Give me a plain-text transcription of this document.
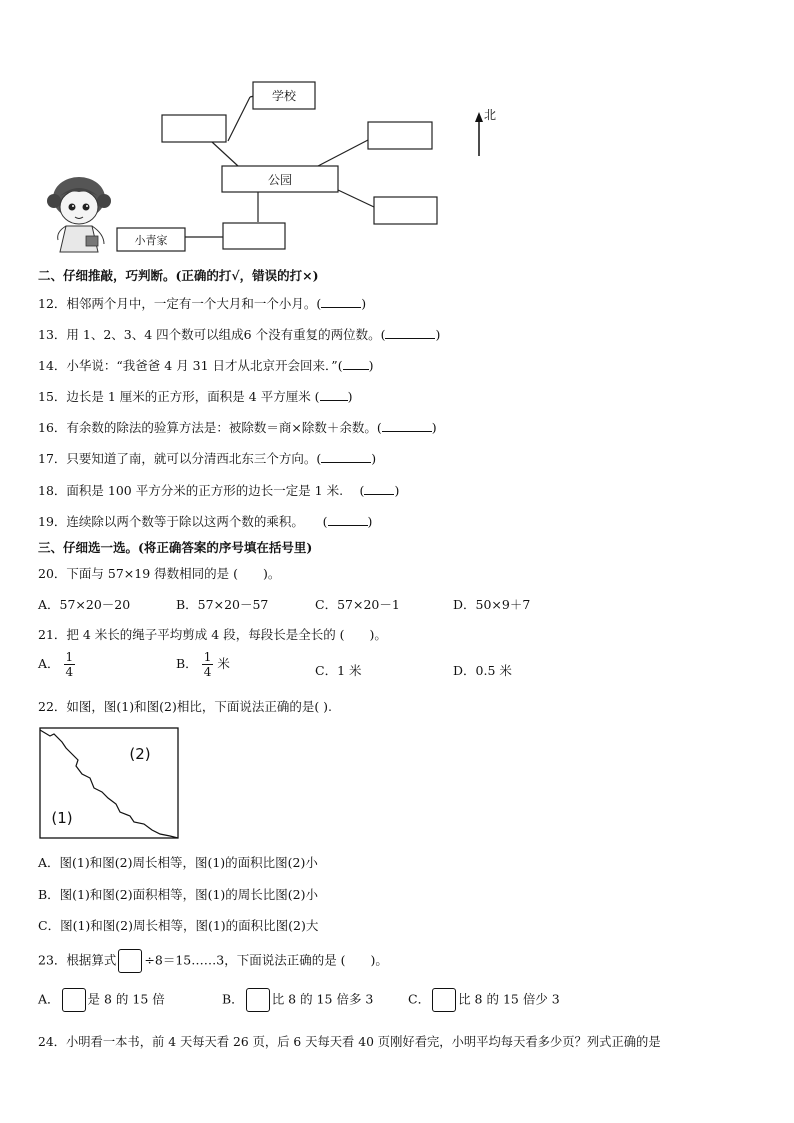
学校
公园
小青家
北
二、仔细推敲，巧判断。(正确的打√，错误的打×)
12．相邻两个月中，一定有一个大月和一个小月。(	)
13．用 1、2、3、4 四个数可以组成6 个没有重复的两位数。(	)
14．小华说：“我爸爸 4 月 31 日才从北京开会回来．”( )
15．边长是 1 厘米的正方形，面积是 4 平方厘米 ( )
16．有余数的除法的验算方法是：被除数＝商×除数＋余数。(	)
17．只要知道了南，就可以分清西北东三个方向。(	)
18．面积是 100 平方分米的正方形的边长一定是 1 米.　 ( )
19．连续除以两个数等于除以这两个数的乘积。　　(	)
三、仔细选一选。(将正确答案的序号填在括号里)
20．下面与 57×19 得数相同的是 (　　)。
A．57×20－20	B．57×20－57	C．57×20－1	D．50×9＋7
21．把 4 米长的绳子平均剪成 4 段，每段长是全长的 (　　)。
A． $\frac{1}{4}$	B． $\frac{1}{4}$ 米	C．1 米	D．0.5 米
22．如图，图(1)和图(2)相比，下面说法正确的是( ).
(2)
(1)
A．图(1)和图(2)周长相等，图(1)的面积比图(2)小
B．图(1)和图(2)面积相等，图(1)的周长比图(2)小
C．图(1)和图(2)周长相等，图(1)的面积比图(2)大
23．根据算式 ÷8＝15……3，下面说法正确的是 (　　)。
A． 是 8 的 15 倍	B． 比 8 的 15 倍多 3	C． 比 8 的 15 倍少 3
24．小明看一本书，前 4 天每天看 26 页，后 6 天每天看 40 页刚好看完，小明平均每天看多少页？列式正确的是
